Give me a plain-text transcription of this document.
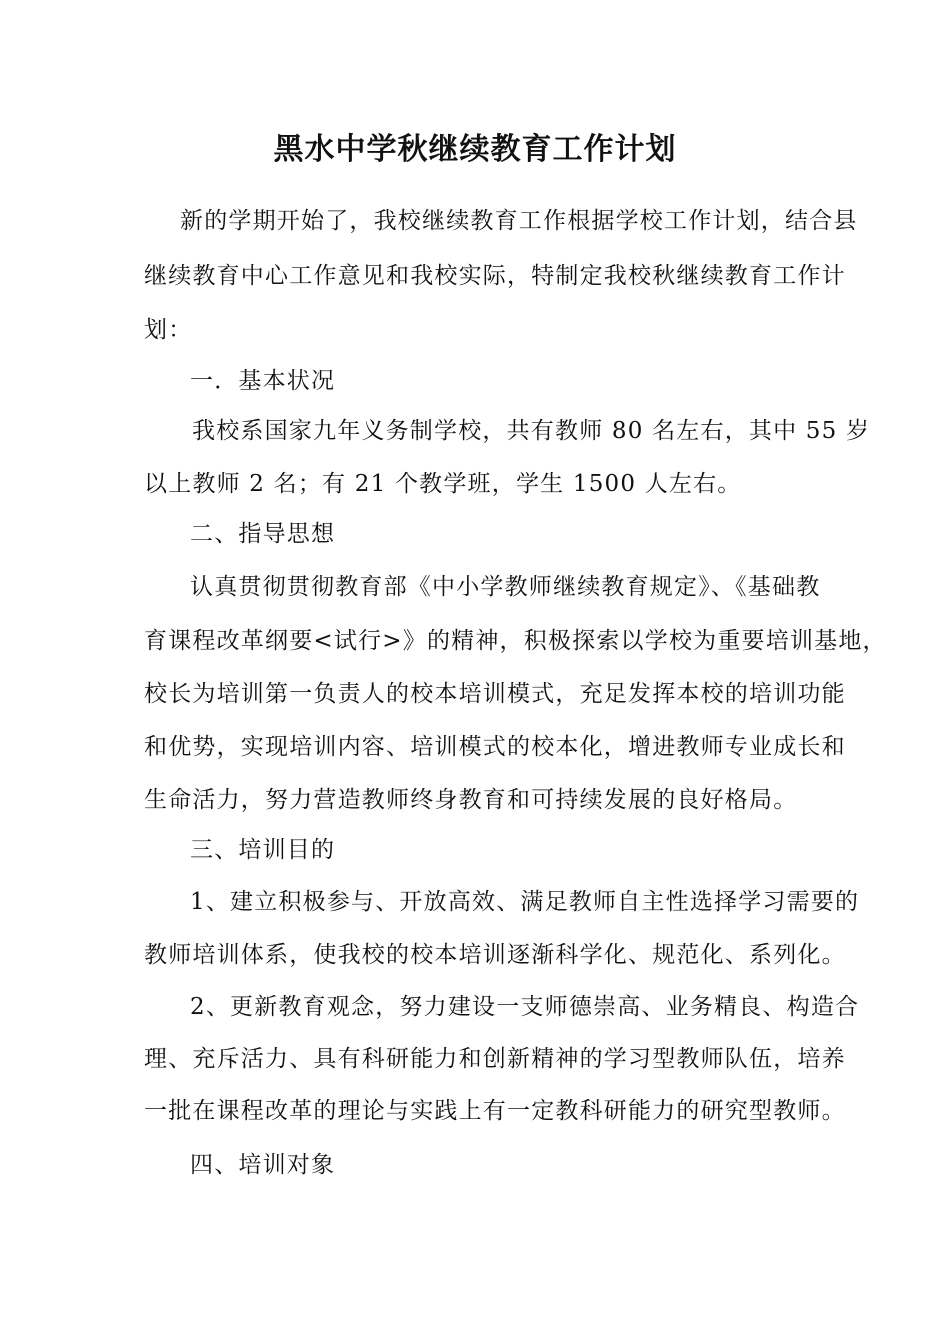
黑水中学秋继续教育工作计划
新的学期开始了，我校继续教育工作根据学校工作计划，结合县
继续教育中心工作意见和我校实际，特制定我校秋继续教育工作计
划：
一．基本状况
我校系国家九年义务制学校，共有教师 80 名左右，其中 55 岁
以上教师 2 名；有 21 个教学班，学生 1500 人左右。
二、指导思想
认真贯彻贯彻教育部《中小学教师继续教育规定》、《基础教
育课程改革纲要<试行>》的精神，积极探索以学校为重要培训基地，
校长为培训第一负责人的校本培训模式，充足发挥本校的培训功能
和优势，实现培训内容、培训模式的校本化，增进教师专业成长和
生命活力，努力营造教师终身教育和可持续发展的良好格局。
三、培训目的
1、建立积极参与、开放高效、满足教师自主性选择学习需要的
教师培训体系，使我校的校本培训逐渐科学化、规范化、系列化。
2、更新教育观念，努力建设一支师德崇高、业务精良、构造合
理、充斥活力、具有科研能力和创新精神的学习型教师队伍，培养
一批在课程改革的理论与实践上有一定教科研能力的研究型教师。
四、培训对象
